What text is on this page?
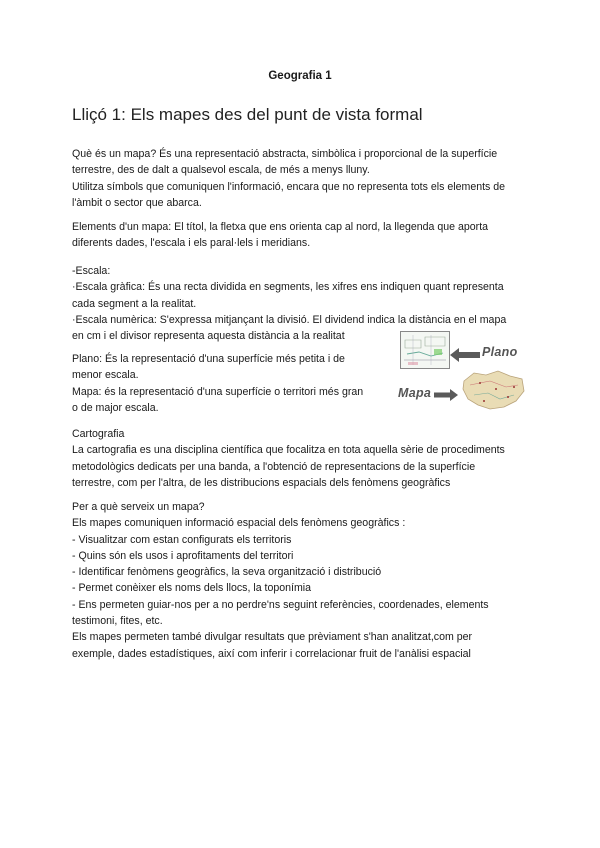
Geografia 1
Lliçó 1: Els mapes des del punt de vista formal

Què és un mapa? És una representació abstracta, simbòlica i proporcional de la superfície

terrestre, des de dalt a qualsevol escala, de més a menys lluny.

Utilitza símbols que comuniquen l'informació, encara que no representa tots els elements de

l'àmbit o sector que abarca.

Elements d'un mapa: El títol, la fletxa que ens orienta cap al nord, la llegenda que aporta

diferents dades, l'escala i els paral·lels i meridians.

-Escala:

·Escala gràfica: És una recta dividida en segments, les xifres ens indiquen quant representa

cada segment a la realitat.

·Escala numèrica: S'expressa mitjançant la divisió. El dividend indica la distància en el mapa

en cm i el divisor representa aquesta distància a la realitat

Plano: És la representació d'una superfície més petita i de

menor escala.

Mapa: és la representació d'una superfície o territori més gran

o de major escala.

Plano
Mapa

Cartografia

La cartografia es una disciplina científica que focalitza en tota aquella sèrie de procediments

metodològics dedicats per una banda, a l'obtenció de representacions de la superfície

terrestre, com per l'altra, de les distribucions espacials dels fenòmens geogràfics

Per a què serveix un mapa?

Els mapes comuniquen informació espacial dels fenòmens geogràfics :

- Visualitzar com estan configurats els territoris

- Quins són els usos i aprofitaments del territori

- Identificar fenòmens geogràfics, la seva organització i distribució

- Permet conèixer els noms dels llocs, la toponímia

- Ens permeten guiar-nos per a no perdre'ns seguint referències, coordenades, elements

testimoni, fites, etc.

Els mapes permeten també divulgar resultats que prèviament s'han analitzat,com per

exemple, dades estadístiques, així com inferir i correlacionar fruit de l'anàlisi espacial
